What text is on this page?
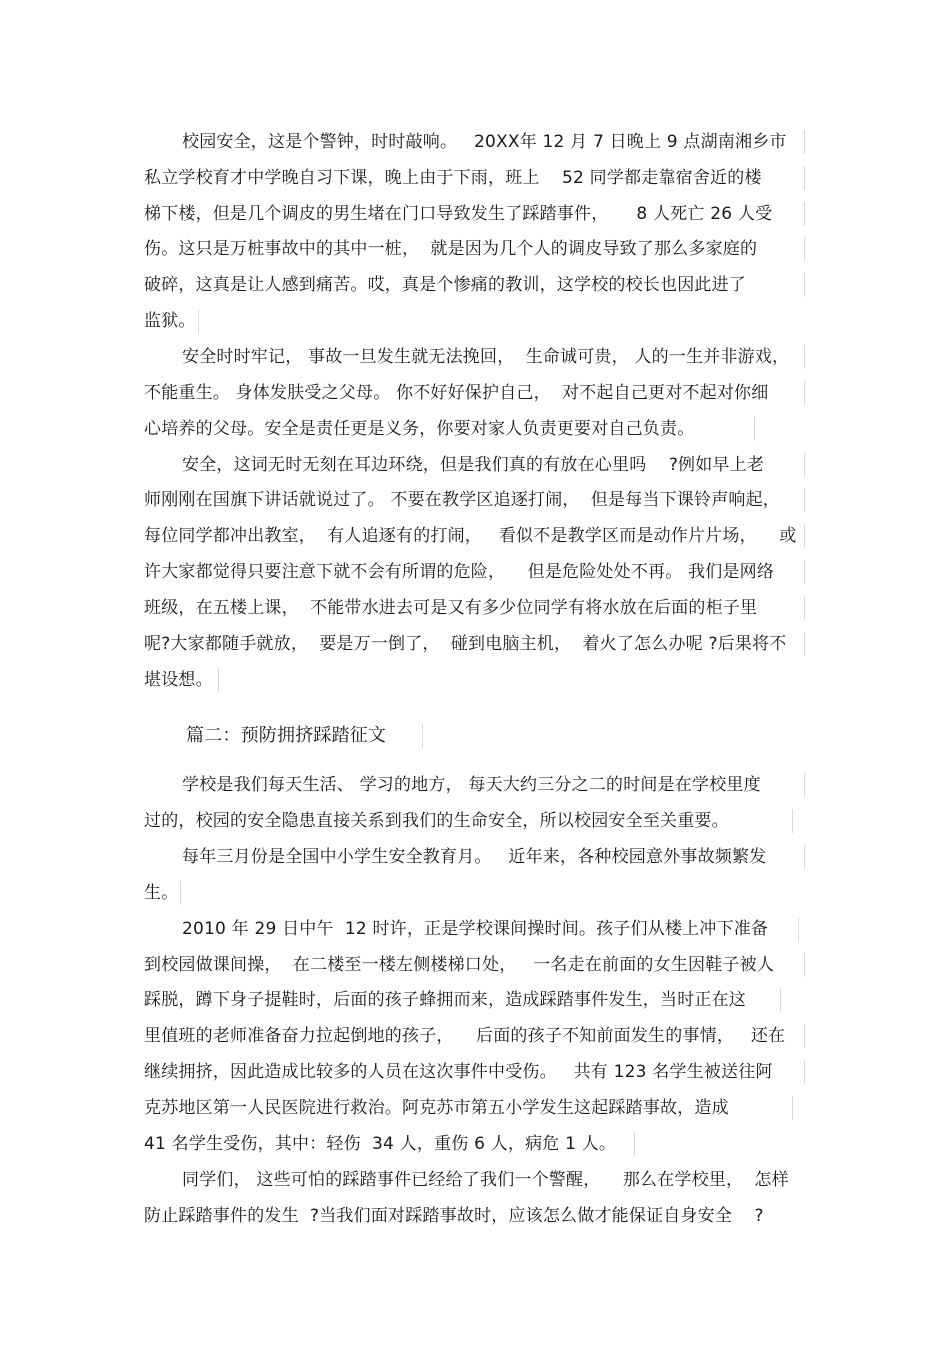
校园安全，这是个警钟，时时敲响。   20XX年 12 月 7 日晚上 9 点湖南湘乡市
私立学校育才中学晚自习下课，晚上由于下雨，班上    52 同学都走靠宿舍近的楼
梯下楼，但是几个调皮的男生堵在门口导致发生了踩踏事件，     8 人死亡 26 人受
伤。这只是万桩事故中的其中一桩，  就是因为几个人的调皮导致了那么多家庭的
破碎，这真是让人感到痛苦。哎，真是个惨痛的教训，这学校的校长也因此进了
监狱。
安全时时牢记， 事故一旦发生就无法挽回，  生命诚可贵， 人的一生并非游戏，
不能重生。 身体发肤受之父母。 你不好好保护自己，  对不起自己更对不起对你细
心培养的父母。安全是责任更是义务，你要对家人负责更要对自己负责。
安全，这词无时无刻在耳边环绕，但是我们真的有放在心里吗    ?例如早上老
师刚刚在国旗下讲话就说过了。 不要在教学区追逐打闹，  但是每当下课铃声响起，
每位同学都冲出教室，  有人追逐有的打闹，   看似不是教学区而是动作片片场，    或
许大家都觉得只要注意下就不会有所谓的危险，    但是危险处处不再。 我们是网络
班级，在五楼上课，  不能带水进去可是又有多少位同学有将水放在后面的柜子里
呢?大家都随手就放，  要是万一倒了，  碰到电脑主机，  着火了怎么办呢 ?后果将不
堪设想。
篇二：预防拥挤踩踏征文
学校是我们每天生活、 学习的地方， 每天大约三分之二的时间是在学校里度
过的，校园的安全隐患直接关系到我们的生命安全，所以校园安全至关重要。
每年三月份是全国中小学生安全教育月。   近年来，各种校园意外事故频繁发
生。
2010 年 29 日中午  12 时许，正是学校课间操时间。孩子们从楼上冲下准备
到校园做课间操，  在二楼至一楼左侧楼梯口处，   一名走在前面的女生因鞋子被人
踩脱，蹲下身子提鞋时，后面的孩子蜂拥而来，造成踩踏事件发生，当时正在这
里值班的老师准备奋力拉起倒地的孩子，    后面的孩子不知前面发生的事情，   还在
继续拥挤，因此造成比较多的人员在这次事件中受伤。   共有 123 名学生被送往阿
克苏地区第一人民医院进行救治。阿克苏市第五小学发生这起踩踏事故，造成
41 名学生受伤，其中：轻伤  34 人，重伤 6 人，病危 1 人。
同学们， 这些可怕的踩踏事件已经给了我们一个警醒，    那么在学校里，  怎样
防止踩踏事件的发生  ?当我们面对踩踏事故时，应该怎么做才能保证自身安全    ?
